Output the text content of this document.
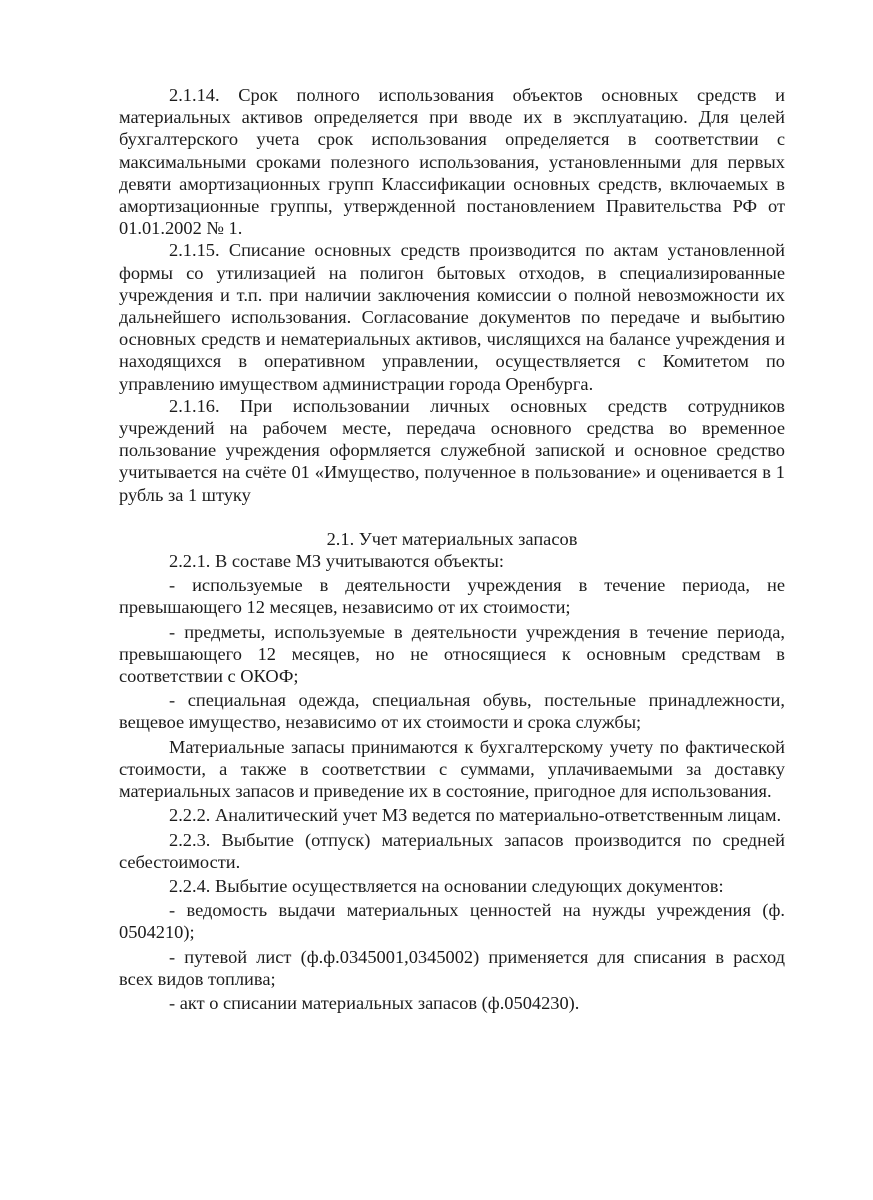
2.1.14. Срок полного использования объектов основных средств и материальных активов определяется при вводе их в эксплуатацию. Для целей бухгалтерского учета срок использования определяется в соответствии с максимальными сроками полезного использования, установленными для первых девяти амортизационных групп Классификации основных средств, включаемых в амортизационные группы, утвержденной постановлением Правительства РФ от 01.01.2002 № 1.

2.1.15. Списание основных средств производится по актам установленной формы со утилизацией на полигон бытовых отходов, в специализированные учреждения и т.п. при наличии заключения комиссии о полной невозможности их дальнейшего использования. Согласование документов по передаче и выбытию основных средств и нематериальных активов, числящихся на балансе учреждения и находящихся в оперативном управлении, осуществляется с Комитетом по управлению имуществом администрации города Оренбурга.

2.1.16. При использовании личных основных средств сотрудников учреждений на рабочем месте, передача основного средства во временное пользование учреждения оформляется служебной запиской и основное средство учитывается на счёте 01 «Имущество, полученное в пользование» и оценивается в 1 рубль за 1 штуку

2.1. Учет материальных запасов

2.2.1. В составе МЗ учитываются объекты:

- используемые в деятельности учреждения в течение периода, не превышающего 12 месяцев, независимо от их стоимости;

- предметы, используемые в деятельности учреждения в течение периода, превышающего 12 месяцев, но не относящиеся к основным средствам в соответствии с ОКОФ;

- специальная одежда, специальная обувь, постельные принадлежности, вещевое имущество, независимо от их стоимости и срока службы;

Материальные запасы принимаются к бухгалтерскому учету по фактической стоимости, а также в соответствии с суммами, уплачиваемыми за доставку материальных запасов и приведение их в состояние, пригодное для использования.

2.2.2. Аналитический учет МЗ ведется по материально-ответственным лицам.

2.2.3. Выбытие (отпуск) материальных запасов производится по средней себестоимости.

2.2.4. Выбытие осуществляется на основании следующих документов:

- ведомость выдачи материальных ценностей на нужды учреждения (ф. 0504210);

- путевой лист (ф.ф.0345001,0345002) применяется для списания в расход всех видов топлива;

- акт о списании материальных запасов (ф.0504230).
